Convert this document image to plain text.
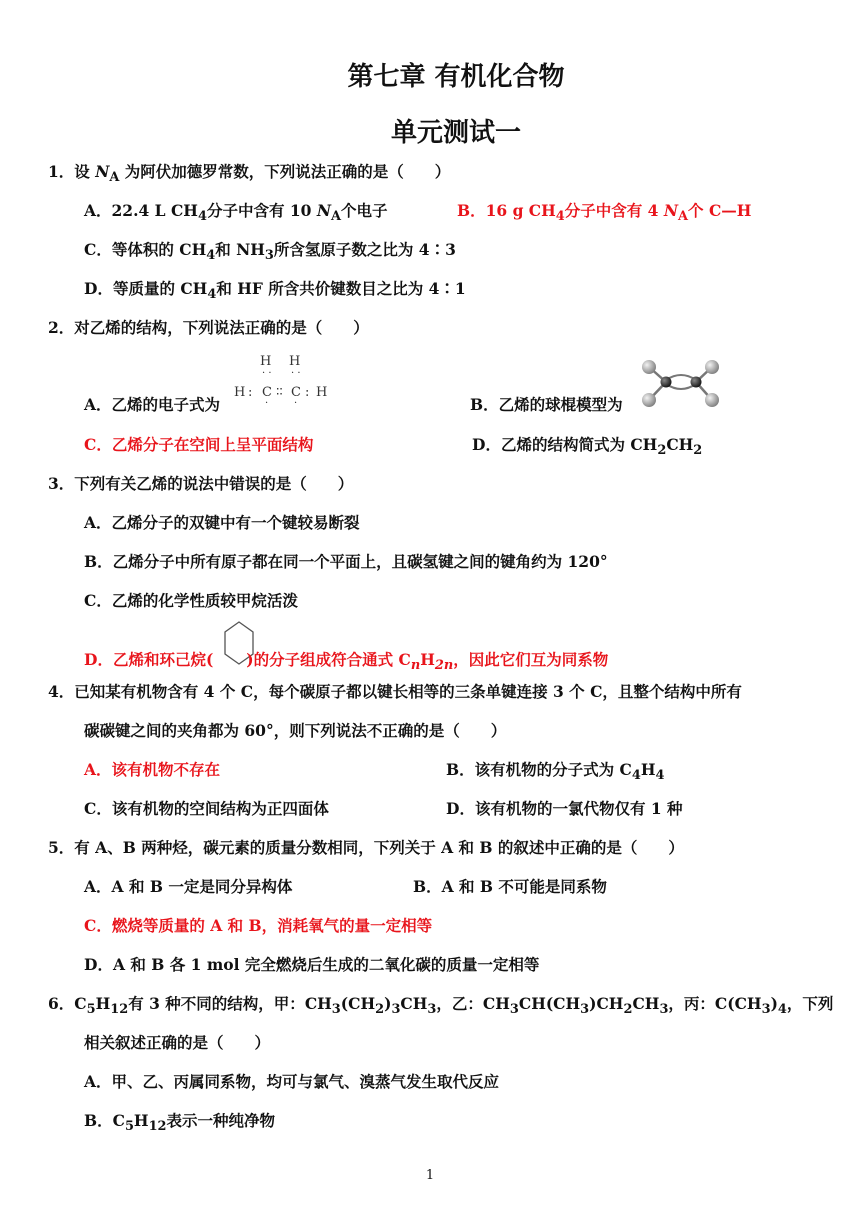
第七章 有机化合物
单元测试一
1．设 $N_A$ 为阿伏加德罗常数，下列说法正确的是（　　）
A．22.4 L $CH_4$分子中含有 10 $N_A$个电子	B．16 g $CH_4$分子中含有 4 $N_A$个 C—H
C．等体积的 $CH_4$和 $NH_3$所含氢原子数之比为 4∶3
D．等质量的 $CH_4$和 HF 所含共价键数目之比为 4∶1
2．对乙烯的结构，下列说法正确的是（　　）
A．乙烯的电子式为
H H
· · · ·
H : C ∶∶ C : H
·	·	B．乙烯的球棍模型为
C．乙烯分子在空间上呈平面结构	D．乙烯的结构简式为 $CH_2CH_2$
3．下列有关乙烯的说法中错误的是（　　）
A．乙烯分子的双键中有一个键较易断裂
B．乙烯分子中所有原子都在同一个平面上，且碳氢键之间的键角约为 120°
C．乙烯的化学性质较甲烷活泼
D．乙烯和环己烷( )的分子组成符合通式 $C_nH_{2n}$，因此它们互为同系物
4．已知某有机物含有 4 个 C，每个碳原子都以键长相等的三条单键连接 3 个 C，且整个结构中所有
碳碳键之间的夹角都为 60°，则下列说法不正确的是（　　）
A．该有机物不存在	B．该有机物的分子式为 $C_4H_4$
C．该有机物的空间结构为正四面体	D．该有机物的一氯代物仅有 1 种
5．有 A、B 两种烃，碳元素的质量分数相同，下列关于 A 和 B 的叙述中正确的是（　　）
A．A 和 B 一定是同分异构体	B．A 和 B 不可能是同系物
C．燃烧等质量的 A 和 B，消耗氧气的量一定相等
D．A 和 B 各 1 mol 完全燃烧后生成的二氧化碳的质量一定相等
6．$C_5H_{12}$有 3 种不同的结构，甲：$CH_3(CH_2)_3CH_3$，乙：$CH_3CH(CH_3)CH_2CH_3$，丙：$C(CH_3)_4$，下列
相关叙述正确的是（　　）
A．甲、乙、丙属同系物，均可与氯气、溴蒸气发生取代反应
B．$C_5H_{12}$表示一种纯净物
1
